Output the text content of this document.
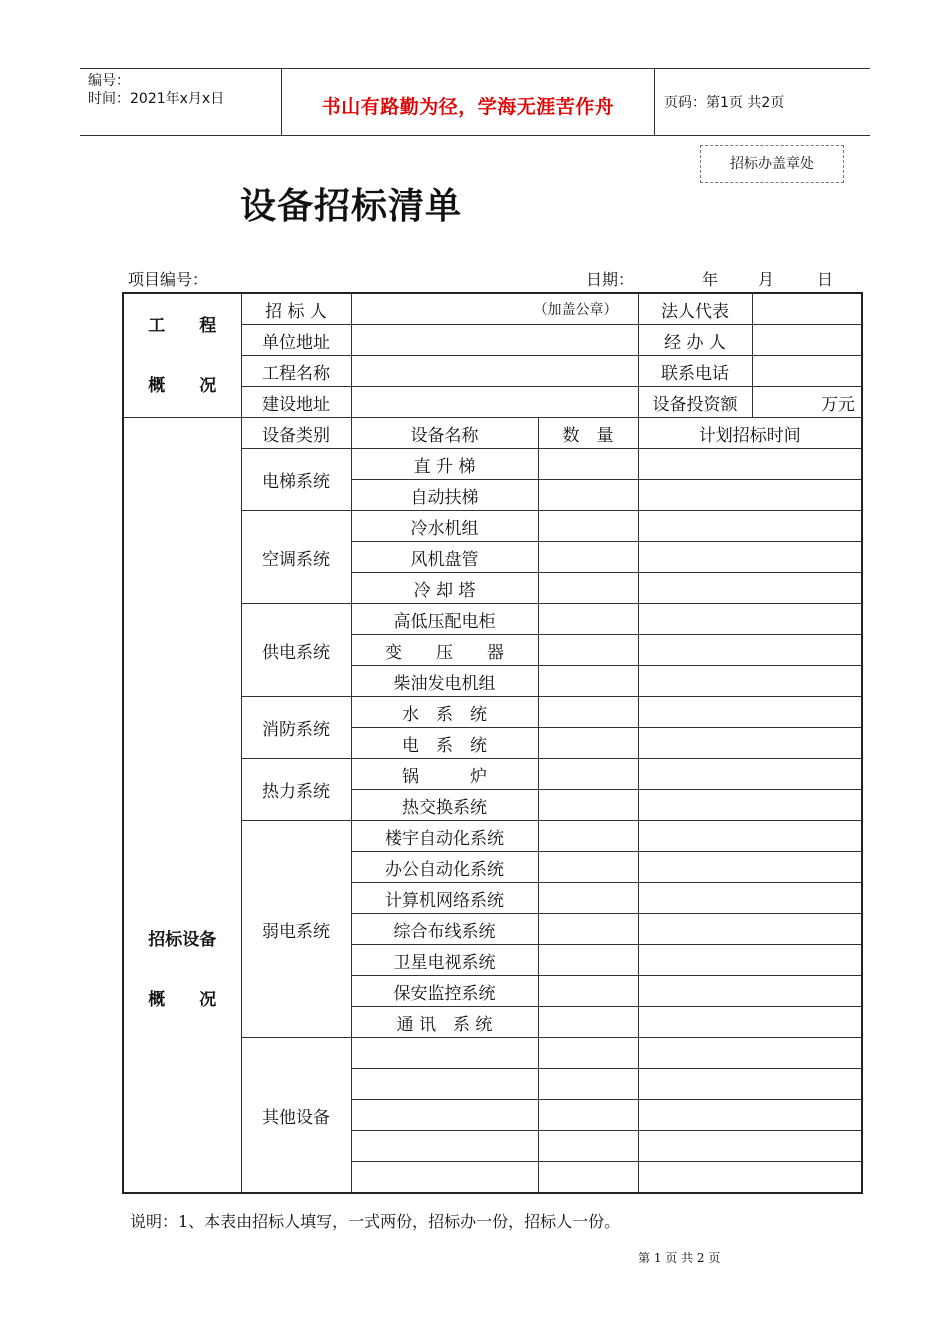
编号：
时间：2021年x月x日	书山有路勤为径，学海无涯苦作舟	页码：第1页 共2页
招标办盖章处
设备招标清单
项目编号：	日期：	年 月	日
工　　程
概　　况	招 标 人	（加盖公章）		法人代表	
	单位地址			经 办 人	
	工程名称			联系电话	
	建设地址			设备投资额	万元

招标设备
概　　况	设备类别	设备名称	数　量	计划招标时间	
	电梯系统	直 升 梯			
		自动扶梯			
	空调系统	冷水机组			
		风机盘管			
		冷 却 塔			
	供电系统	高低压配电柜			
		变　　压　　器			
		柴油发电机组			
	消防系统	水　系　统			
		电　系　统			
	热力系统	锅　　　炉			
		热交换系统			
	弱电系统	楼宇自动化系统			
		办公自动化系统			
		计算机网络系统			
		综合布线系统			
		卫星电视系统			
		保安监控系统			
		通 讯　系 统			
	其他设备				

说明：1、本表由招标人填写，一式两份，招标办一份，招标人一份。
第 1 页 共 2 页
